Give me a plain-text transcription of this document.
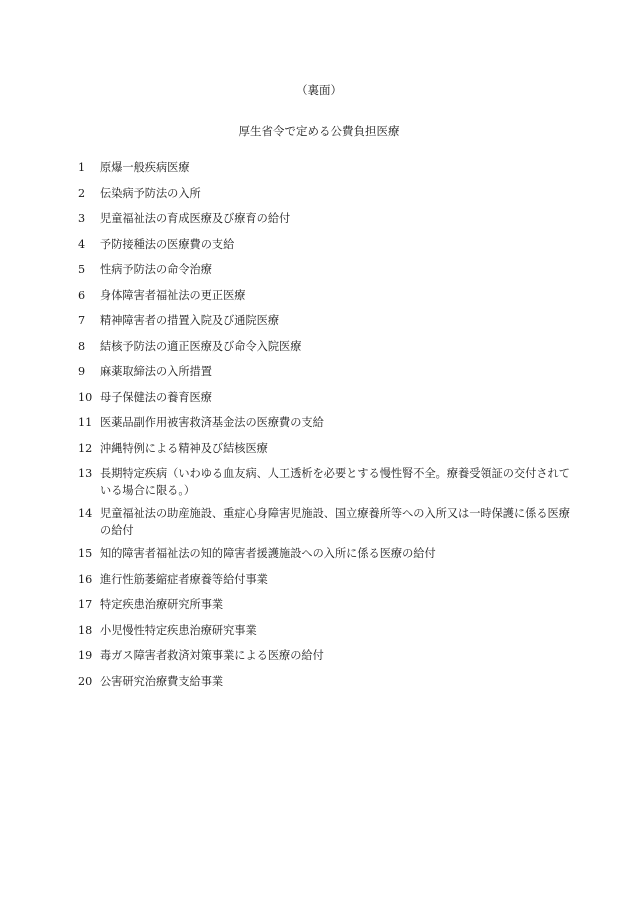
（裏面）
厚生省令で定める公費負担医療
1	原爆一般疾病医療
2	伝染病予防法の入所
3	児童福祉法の育成医療及び療育の給付
4	予防接種法の医療費の支給
5	性病予防法の命令治療
6	身体障害者福祉法の更正医療
7	精神障害者の措置入院及び通院医療
8	結核予防法の適正医療及び命令入院医療
9	麻薬取締法の入所措置
10 母子保健法の養育医療
11 医薬品副作用被害救済基金法の医療費の支給
12 沖縄特例による精神及び結核医療
13 長期特定疾病（いわゆる血友病、人工透析を必要とする慢性腎不全。療養受領証の交付されている場合に限る。）
14 児童福祉法の助産施設、重症心身障害児施設、国立療養所等への入所又は一時保護に係る医療の給付
15 知的障害者福祉法の知的障害者援護施設への入所に係る医療の給付
16 進行性筋萎縮症者療養等給付事業
17 特定疾患治療研究所事業
18 小児慢性特定疾患治療研究事業
19 毒ガス障害者救済対策事業による医療の給付
20 公害研究治療費支給事業
